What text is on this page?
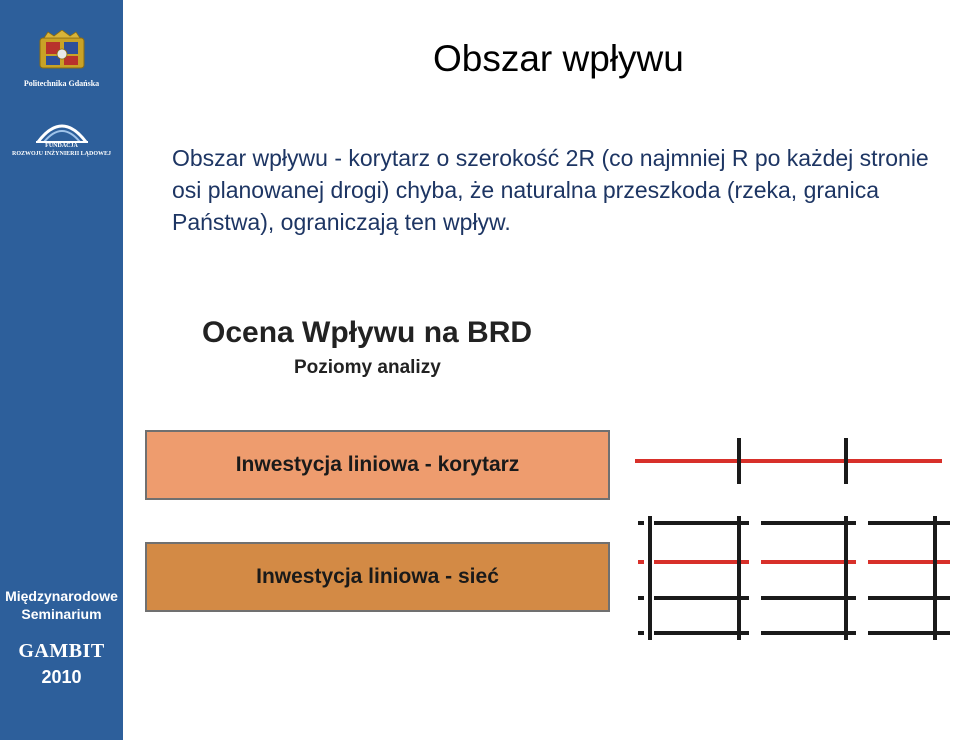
Politechnika Gdańska
FUNDACJA
ROZWOJU INŻYNIERII LĄDOWEJ
Międzynarodowe
Seminarium
GAMBIT
2010
Obszar wpływu
Obszar wpływu - korytarz o szerokość 2R (co najmniej R po każdej stronie osi planowanej drogi) chyba, że naturalna przeszkoda (rzeka, granica Państwa), ograniczają ten wpływ.
Ocena Wpływu na BRD
Poziomy analizy
Inwestycja liniowa - korytarz
Inwestycja liniowa - sieć
